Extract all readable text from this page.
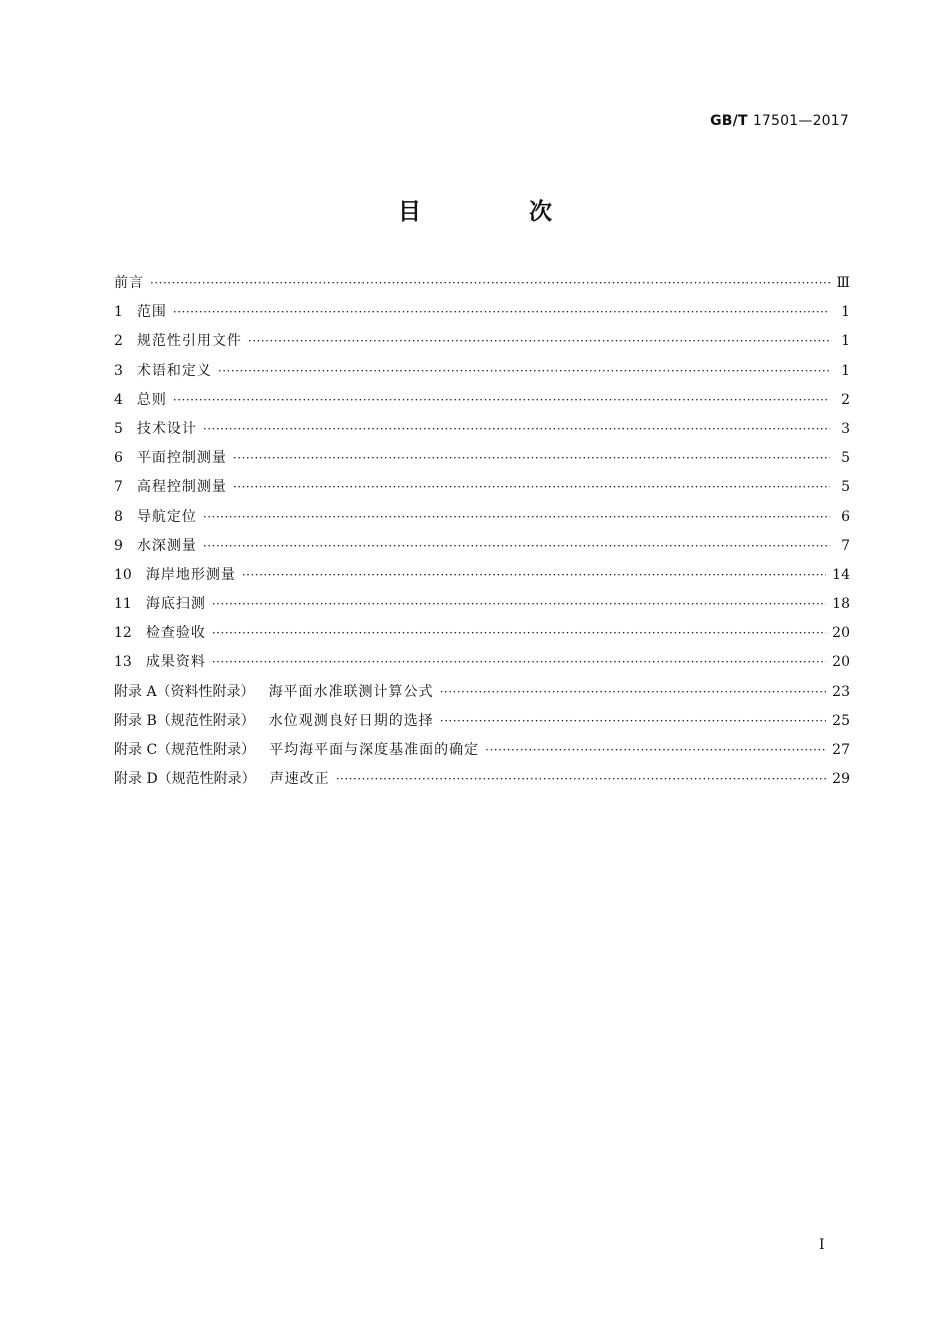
GB/T 17501—2017
目 次
前言 ·····	Ⅲ
1	范围 ·····	1
2	规范性引用文件 ·····	1
3	术语和定义 ·····	1
4	总则 ·····	2
5	技术设计 ·····	3
6	平面控制测量 ·····	5
7	高程控制测量 ·····	5
8	导航定位 ·····	6
9	水深测量 ·····	7
10	海岸地形测量 ·····	14
11	海底扫测 ·····	18
12	检查验收 ·····	20
13	成果资料 ·····	20
附录 A（资料性附录）	海平面水准联测计算公式 ·····	23
附录 B（规范性附录）	水位观测良好日期的选择 ·····	25
附录 C（规范性附录）	平均海平面与深度基准面的确定 ·····	27
附录 D（规范性附录）	声速改正 ·····	29
Ⅰ
